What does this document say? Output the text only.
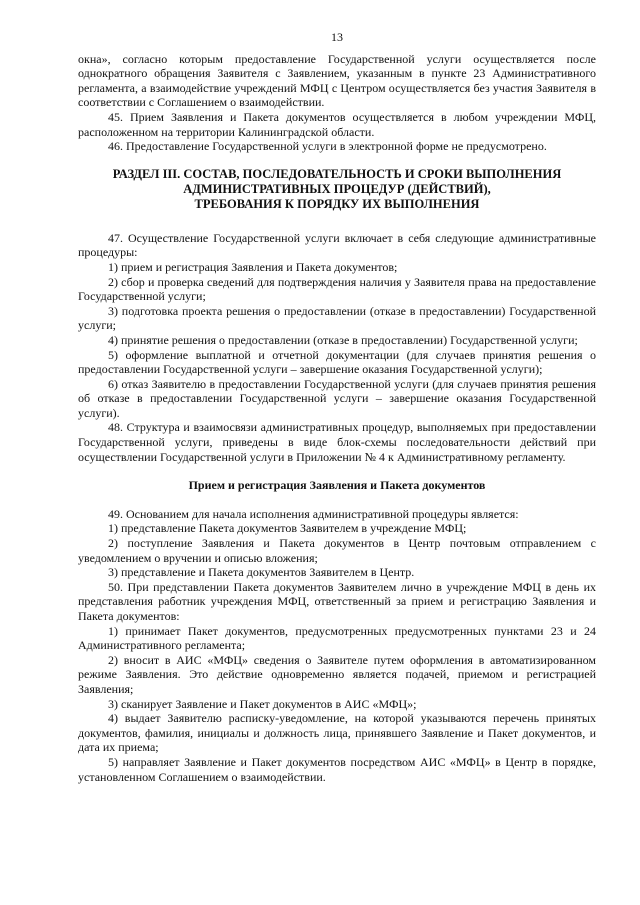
13
окна», согласно которым предоставление Государственной услуги осуществляется после однократного обращения Заявителя с Заявлением, указанным в пункте 23 Административного регламента, а взаимодействие учреждений МФЦ с Центром осуществляется без участия Заявителя в соответствии с Соглашением о взаимодействии.
45. Прием Заявления и Пакета документов осуществляется в любом учреждении МФЦ, расположенном на территории Калининградской области.
46. Предоставление Государственной услуги в электронной форме не предусмотрено.
РАЗДЕЛ III. СОСТАВ, ПОСЛЕДОВАТЕЛЬНОСТЬ И СРОКИ ВЫПОЛНЕНИЯ
АДМИНИСТРАТИВНЫХ ПРОЦЕДУР (ДЕЙСТВИЙ),
ТРЕБОВАНИЯ К ПОРЯДКУ ИХ ВЫПОЛНЕНИЯ
47. Осуществление Государственной услуги включает в себя следующие административные процедуры:
1) прием и регистрация Заявления и Пакета документов;
2) сбор и проверка сведений для подтверждения наличия у Заявителя права на предоставление Государственной услуги;
3) подготовка проекта решения о предоставлении (отказе в предоставлении) Государственной услуги;
4) принятие решения о предоставлении (отказе в предоставлении) Государственной услуги;
5) оформление выплатной и отчетной документации (для случаев принятия решения о предоставлении Государственной услуги – завершение оказания Государственной услуги);
6) отказ Заявителю в предоставлении Государственной услуги (для случаев принятия решения об отказе в предоставлении Государственной услуги – завершение оказания Государственной услуги).
48. Структура и взаимосвязи административных процедур, выполняемых при предоставлении Государственной услуги, приведены в виде блок-схемы последовательности действий при осуществлении Государственной услуги в Приложении № 4 к Административному регламенту.
Прием и регистрация Заявления и Пакета документов
49. Основанием для начала исполнения административной процедуры является:
1) представление Пакета документов Заявителем в учреждение МФЦ;
2) поступление Заявления и Пакета документов в Центр почтовым отправлением с уведомлением о вручении и описью вложения;
3) представление и Пакета документов Заявителем в Центр.
50. При представлении Пакета документов Заявителем лично в учреждение МФЦ в день их представления работник учреждения МФЦ, ответственный за прием и регистрацию Заявления и Пакета документов:
1) принимает Пакет документов, предусмотренных предусмотренных пунктами 23 и 24 Административного регламента;
2) вносит в АИС «МФЦ» сведения о Заявителе путем оформления в автоматизированном режиме Заявления. Это действие одновременно является подачей, приемом и регистрацией Заявления;
3) сканирует Заявление и Пакет документов в АИС «МФЦ»;
4) выдает Заявителю расписку-уведомление, на которой указываются перечень принятых документов, фамилия, инициалы и должность лица, принявшего Заявление и Пакет документов, и дата их приема;
5) направляет Заявление и Пакет документов посредством АИС «МФЦ» в Центр в порядке, установленном Соглашением о взаимодействии.
